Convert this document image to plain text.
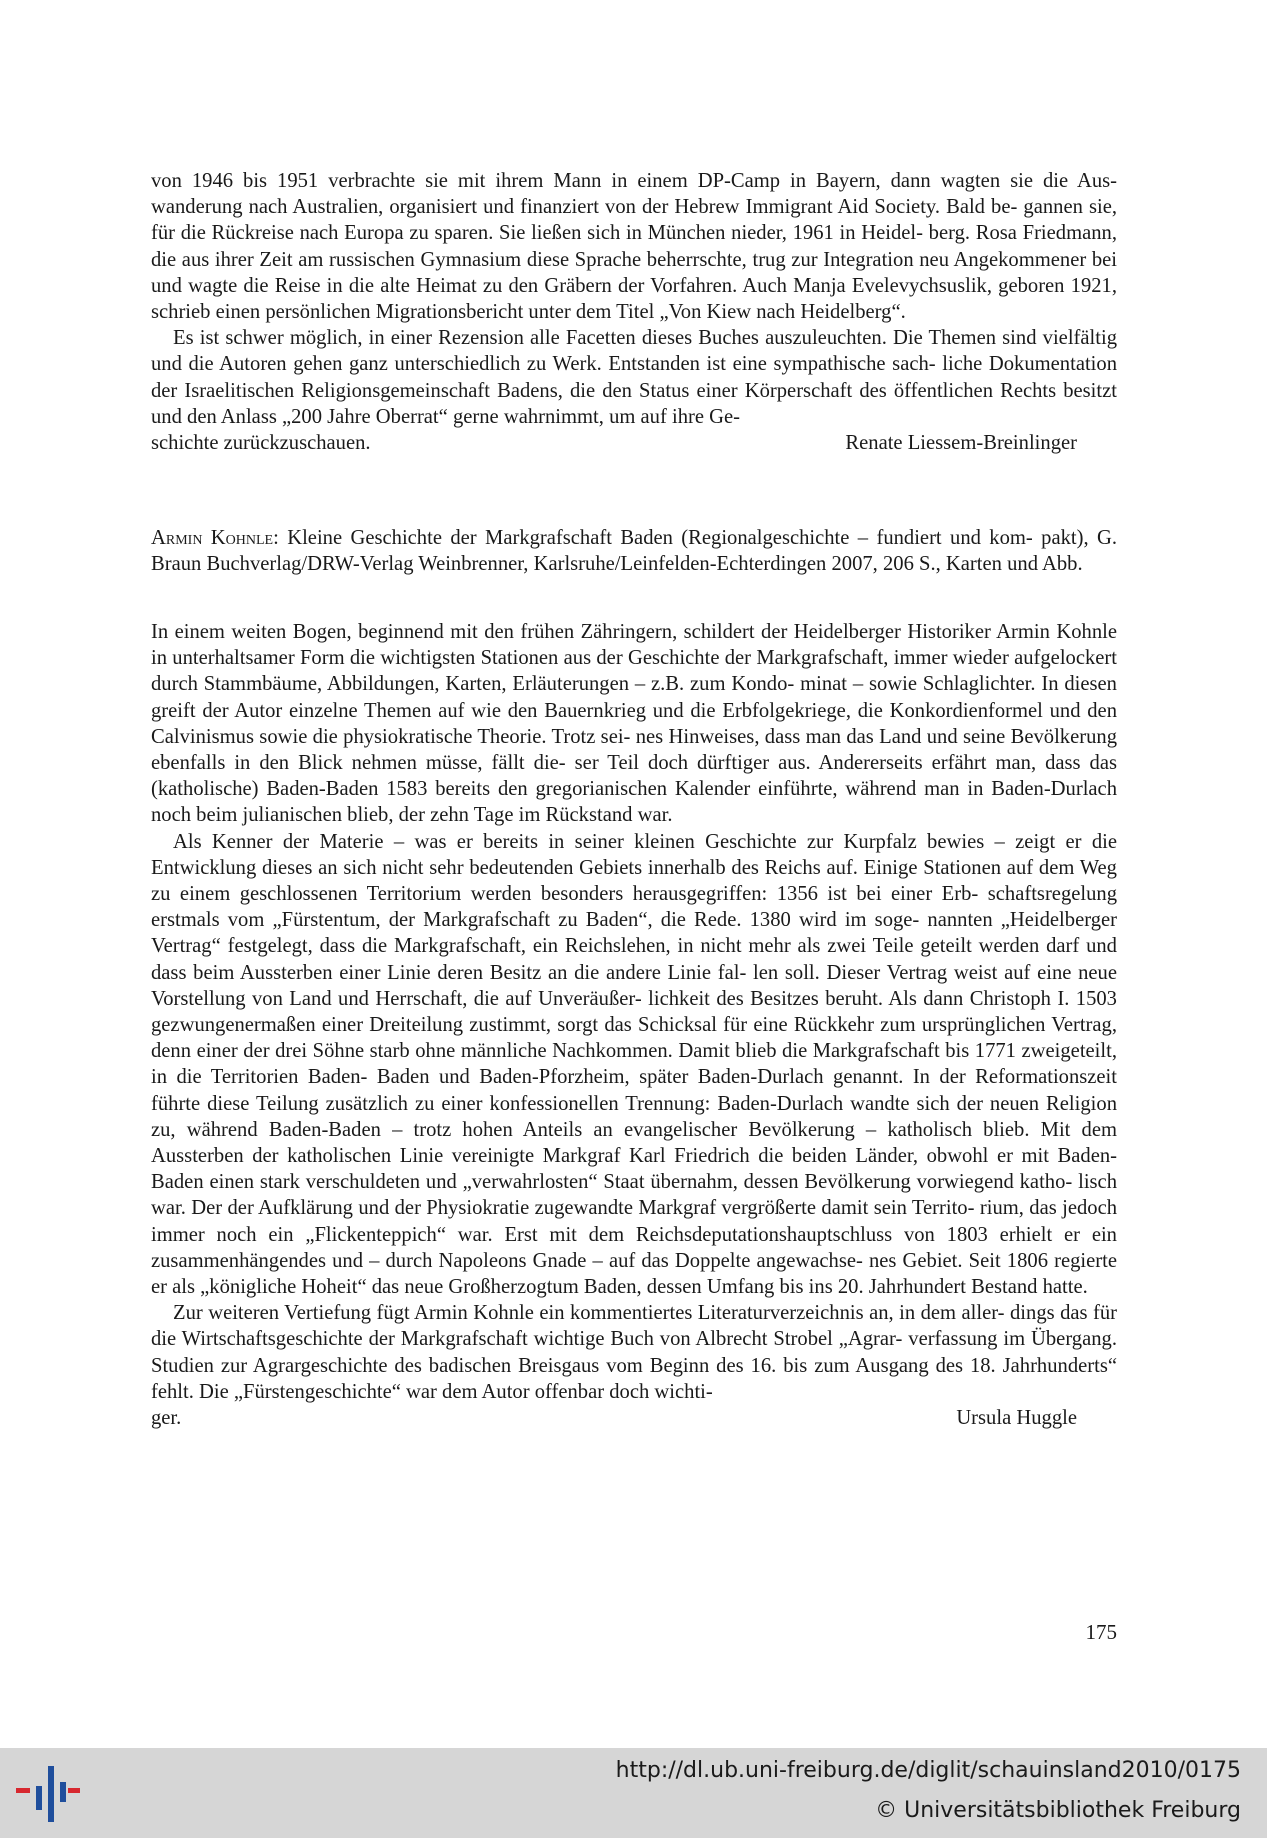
von 1946 bis 1951 verbrachte sie mit ihrem Mann in einem DP-Camp in Bayern, dann wagten sie die Aus- wanderung nach Australien, organisiert und finanziert von der Hebrew Immigrant Aid Society. Bald be- gannen sie, für die Rückreise nach Europa zu sparen. Sie ließen sich in München nieder, 1961 in Heidel- berg. Rosa Friedmann, die aus ihrer Zeit am russischen Gymnasium diese Sprache beherrschte, trug zur Integration neu Angekommener bei und wagte die Reise in die alte Heimat zu den Gräbern der Vorfahren. Auch Manja Evelevychsuslik, geboren 1921, schrieb einen persönlichen Migrationsbericht unter dem Titel „Von Kiew nach Heidelberg“.
Es ist schwer möglich, in einer Rezension alle Facetten dieses Buches auszuleuchten. Die Themen sind vielfältig und die Autoren gehen ganz unterschiedlich zu Werk. Entstanden ist eine sympathische sach- liche Dokumentation der Israelitischen Religionsgemeinschaft Badens, die den Status einer Körperschaft des öffentlichen Rechts besitzt und den Anlass „200 Jahre Oberrat“ gerne wahrnimmt, um auf ihre Ge-
schichte zurückzuschauen.	Renate Liessem-Breinlinger
Armin Kohnle: Kleine Geschichte der Markgrafschaft Baden (Regionalgeschichte – fundiert und kom- pakt), G. Braun Buchverlag/DRW-Verlag Weinbrenner, Karlsruhe/Leinfelden-Echterdingen 2007, 206 S., Karten und Abb.
In einem weiten Bogen, beginnend mit den frühen Zähringern, schildert der Heidelberger Historiker Armin Kohnle in unterhaltsamer Form die wichtigsten Stationen aus der Geschichte der Markgrafschaft, immer wieder aufgelockert durch Stammbäume, Abbildungen, Karten, Erläuterungen – z.B. zum Kondo- minat – sowie Schlaglichter. In diesen greift der Autor einzelne Themen auf wie den Bauernkrieg und die Erbfolgekriege, die Konkordienformel und den Calvinismus sowie die physiokratische Theorie. Trotz sei- nes Hinweises, dass man das Land und seine Bevölkerung ebenfalls in den Blick nehmen müsse, fällt die- ser Teil doch dürftiger aus. Andererseits erfährt man, dass das (katholische) Baden-Baden 1583 bereits den gregorianischen Kalender einführte, während man in Baden-Durlach noch beim julianischen blieb, der zehn Tage im Rückstand war.
Als Kenner der Materie – was er bereits in seiner kleinen Geschichte zur Kurpfalz bewies – zeigt er die Entwicklung dieses an sich nicht sehr bedeutenden Gebiets innerhalb des Reichs auf. Einige Stationen auf dem Weg zu einem geschlossenen Territorium werden besonders herausgegriffen: 1356 ist bei einer Erb- schaftsregelung erstmals vom „Fürstentum, der Markgrafschaft zu Baden“, die Rede. 1380 wird im soge- nannten „Heidelberger Vertrag“ festgelegt, dass die Markgrafschaft, ein Reichslehen, in nicht mehr als zwei Teile geteilt werden darf und dass beim Aussterben einer Linie deren Besitz an die andere Linie fal- len soll. Dieser Vertrag weist auf eine neue Vorstellung von Land und Herrschaft, die auf Unveräußer- lichkeit des Besitzes beruht. Als dann Christoph I. 1503 gezwungenermaßen einer Dreiteilung zustimmt, sorgt das Schicksal für eine Rückkehr zum ursprünglichen Vertrag, denn einer der drei Söhne starb ohne männliche Nachkommen. Damit blieb die Markgrafschaft bis 1771 zweigeteilt, in die Territorien Baden- Baden und Baden-Pforzheim, später Baden-Durlach genannt. In der Reformationszeit führte diese Teilung zusätzlich zu einer konfessionellen Trennung: Baden-Durlach wandte sich der neuen Religion zu, während Baden-Baden – trotz hohen Anteils an evangelischer Bevölkerung – katholisch blieb. Mit dem Aussterben der katholischen Linie vereinigte Markgraf Karl Friedrich die beiden Länder, obwohl er mit Baden-Baden einen stark verschuldeten und „verwahrlosten“ Staat übernahm, dessen Bevölkerung vorwiegend katho- lisch war. Der der Aufklärung und der Physiokratie zugewandte Markgraf vergrößerte damit sein Territo- rium, das jedoch immer noch ein „Flickenteppich“ war. Erst mit dem Reichsdeputationshauptschluss von 1803 erhielt er ein zusammenhängendes und – durch Napoleons Gnade – auf das Doppelte angewachse- nes Gebiet. Seit 1806 regierte er als „königliche Hoheit“ das neue Großherzogtum Baden, dessen Umfang bis ins 20. Jahrhundert Bestand hatte.
Zur weiteren Vertiefung fügt Armin Kohnle ein kommentiertes Literaturverzeichnis an, in dem aller- dings das für die Wirtschaftsgeschichte der Markgrafschaft wichtige Buch von Albrecht Strobel „Agrar- verfassung im Übergang. Studien zur Agrargeschichte des badischen Breisgaus vom Beginn des 16. bis zum Ausgang des 18. Jahrhunderts“ fehlt. Die „Fürstengeschichte“ war dem Autor offenbar doch wichti-
ger.	Ursula Huggle
175
http://dl.ub.uni-freiburg.de/diglit/schauinsland2010/0175
© Universitätsbibliothek Freiburg
